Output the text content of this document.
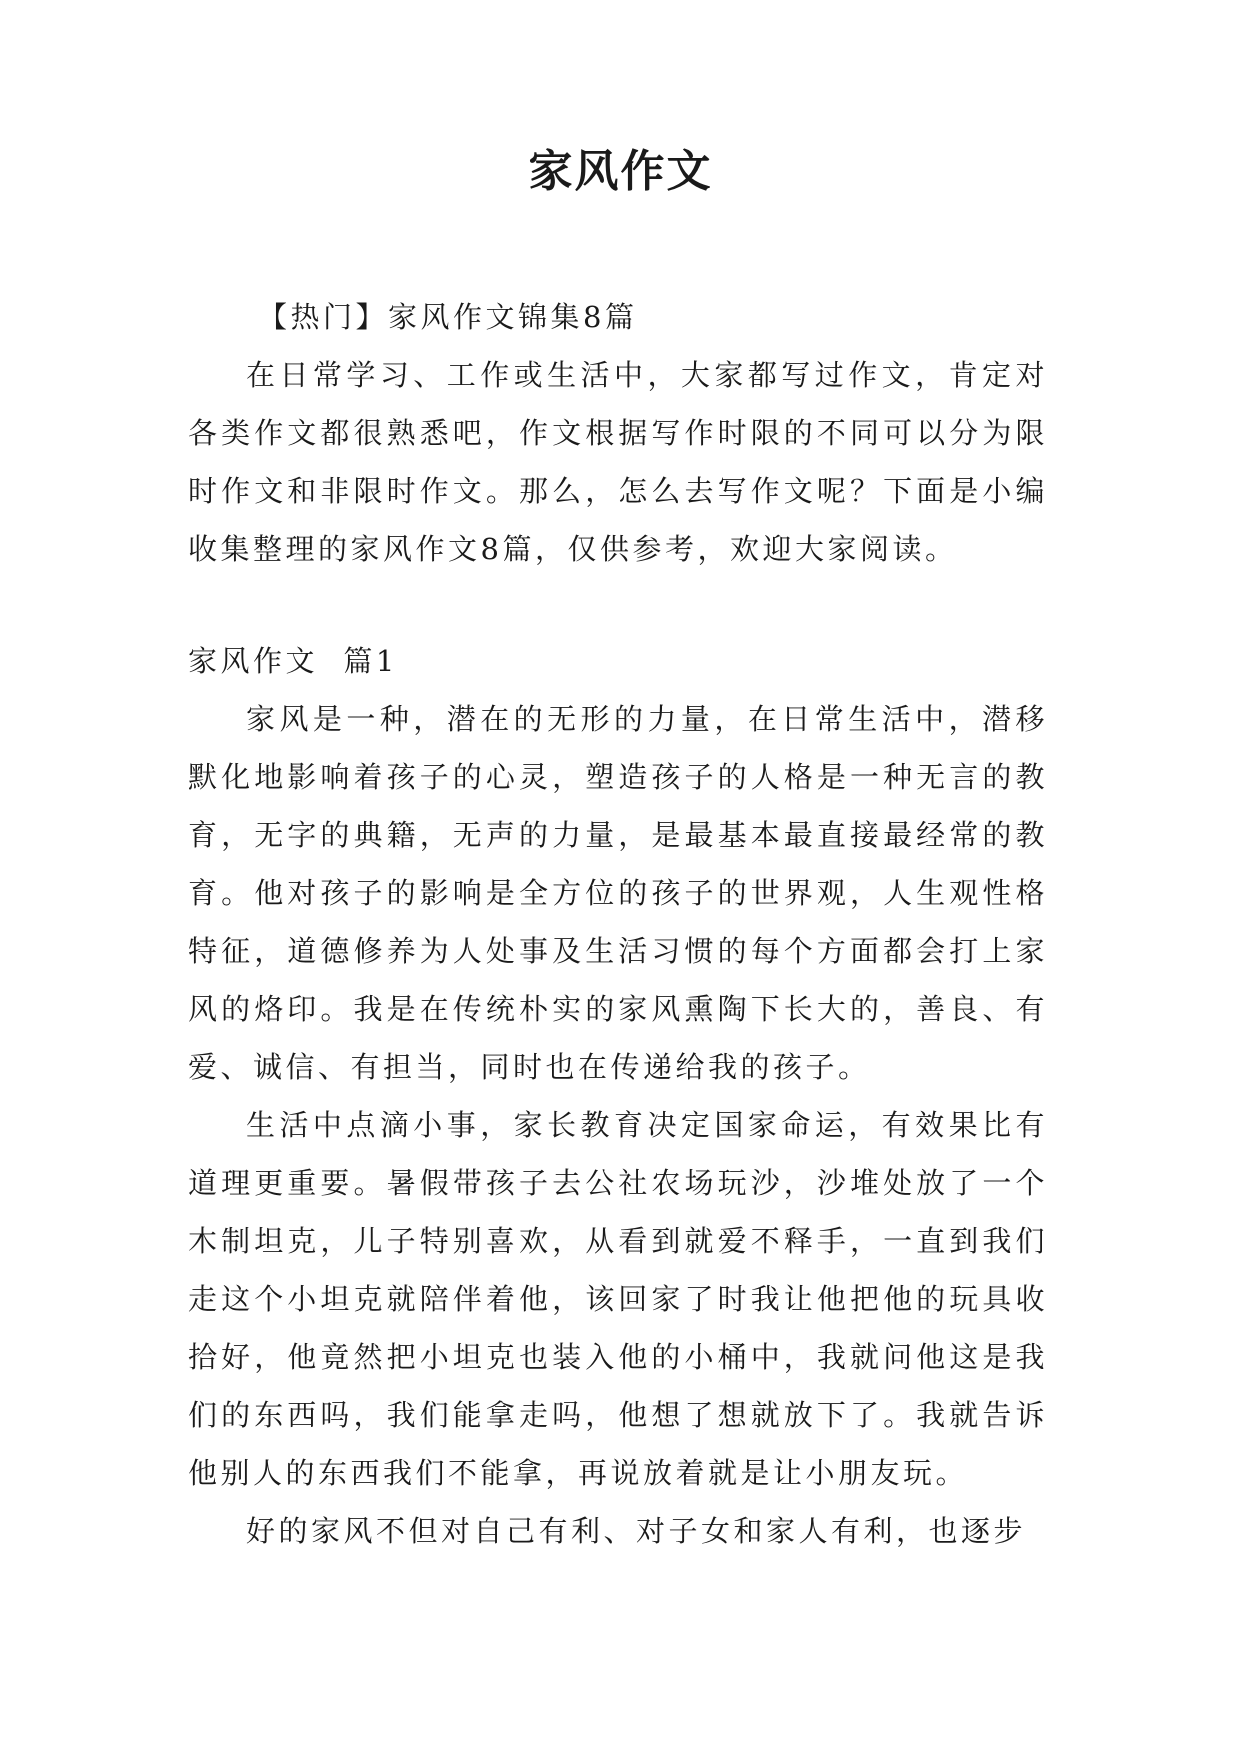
家风作文
【热门】家风作文锦集8篇

在日常学习、工作或生活中，大家都写过作文，肯定对各类作文都很熟悉吧，作文根据写作时限的不同可以分为限时作文和非限时作文。那么，怎么去写作文呢？下面是小编收集整理的家风作文8篇，仅供参考，欢迎大家阅读。

家风作文  篇1

家风是一种，潜在的无形的力量，在日常生活中，潜移默化地影响着孩子的心灵，塑造孩子的人格是一种无言的教育，无字的典籍，无声的力量，是最基本最直接最经常的教育。他对孩子的影响是全方位的孩子的世界观，人生观性格特征，道德修养为人处事及生活习惯的每个方面都会打上家风的烙印。我是在传统朴实的家风熏陶下长大的，善良、有爱、诚信、有担当，同时也在传递给我的孩子。

生活中点滴小事，家长教育决定国家命运，有效果比有道理更重要。暑假带孩子去公社农场玩沙，沙堆处放了一个木制坦克，儿子特别喜欢，从看到就爱不释手，一直到我们走这个小坦克就陪伴着他，该回家了时我让他把他的玩具收拾好，他竟然把小坦克也装入他的小桶中，我就问他这是我们的东西吗，我们能拿走吗，他想了想就放下了。我就告诉他别人的东西我们不能拿，再说放着就是让小朋友玩。

好的家风不但对自己有利、对子女和家人有利，也逐步
